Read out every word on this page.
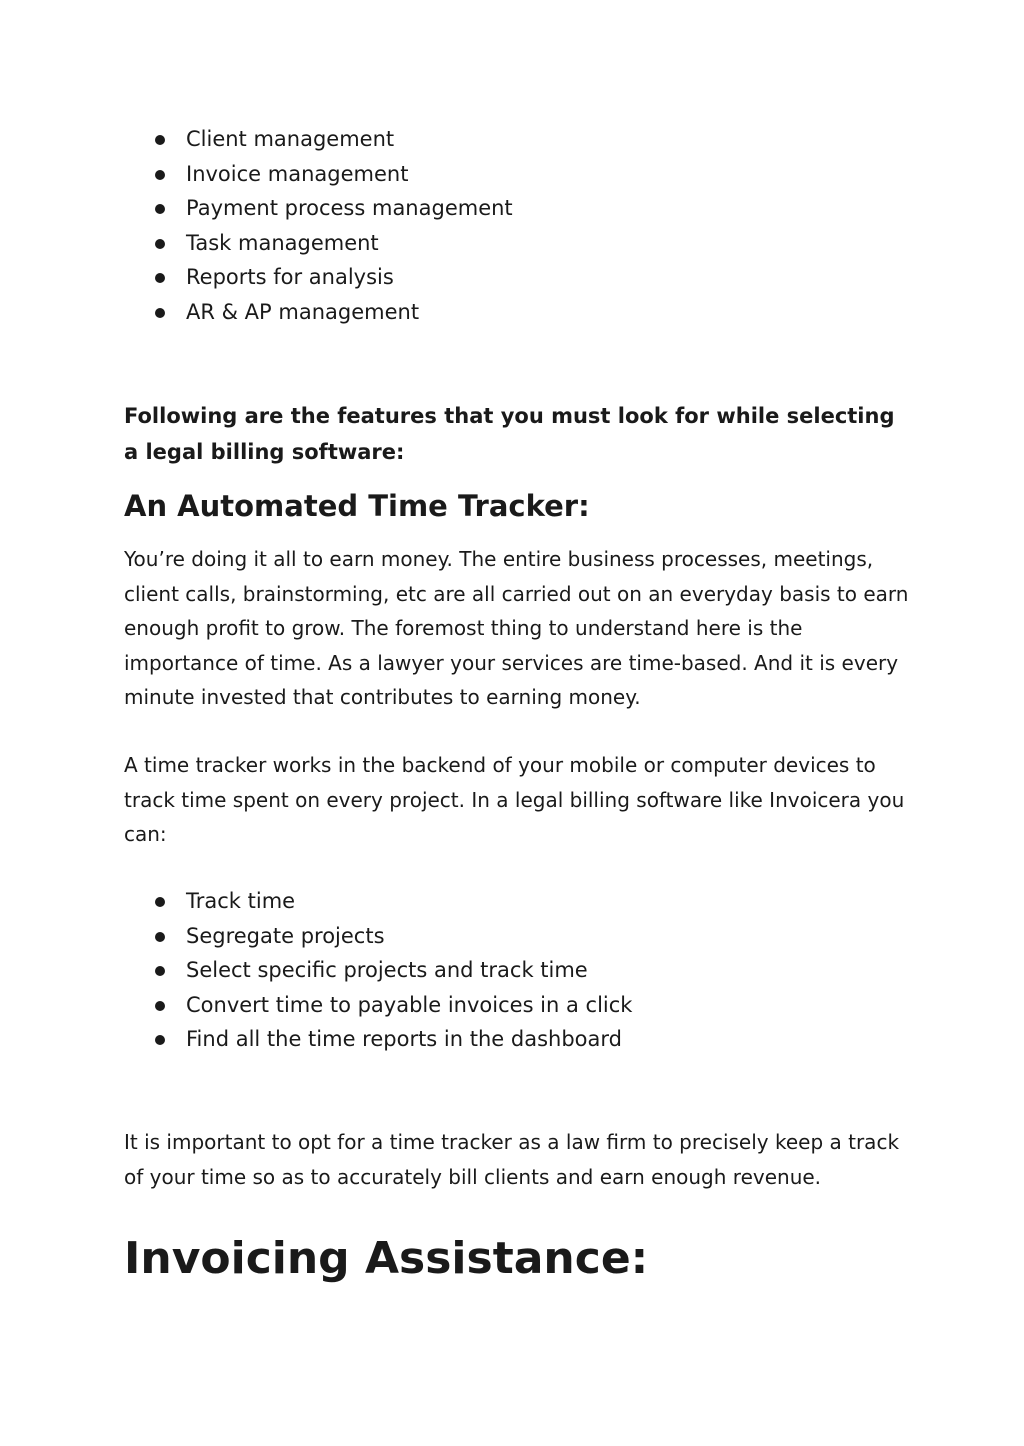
Client management
Invoice management
Payment process management
Task management
Reports for analysis
AR & AP management

Following are the features that you must look for while selecting a legal billing software:

An Automated Time Tracker:

You’re doing it all to earn money. The entire business processes, meetings, client calls, brainstorming, etc are all carried out on an everyday basis to earn enough profit to grow. The foremost thing to understand here is the importance of time. As a lawyer your services are time-based. And it is every minute invested that contributes to earning money.

A time tracker works in the backend of your mobile or computer devices to track time spent on every project. In a legal billing software like Invoicera you can:

Track time
Segregate projects
Select specific projects and track time
Convert time to payable invoices in a click
Find all the time reports in the dashboard

It is important to opt for a time tracker as a law firm to precisely keep a track of your time so as to accurately bill clients and earn enough revenue.

Invoicing Assistance:
